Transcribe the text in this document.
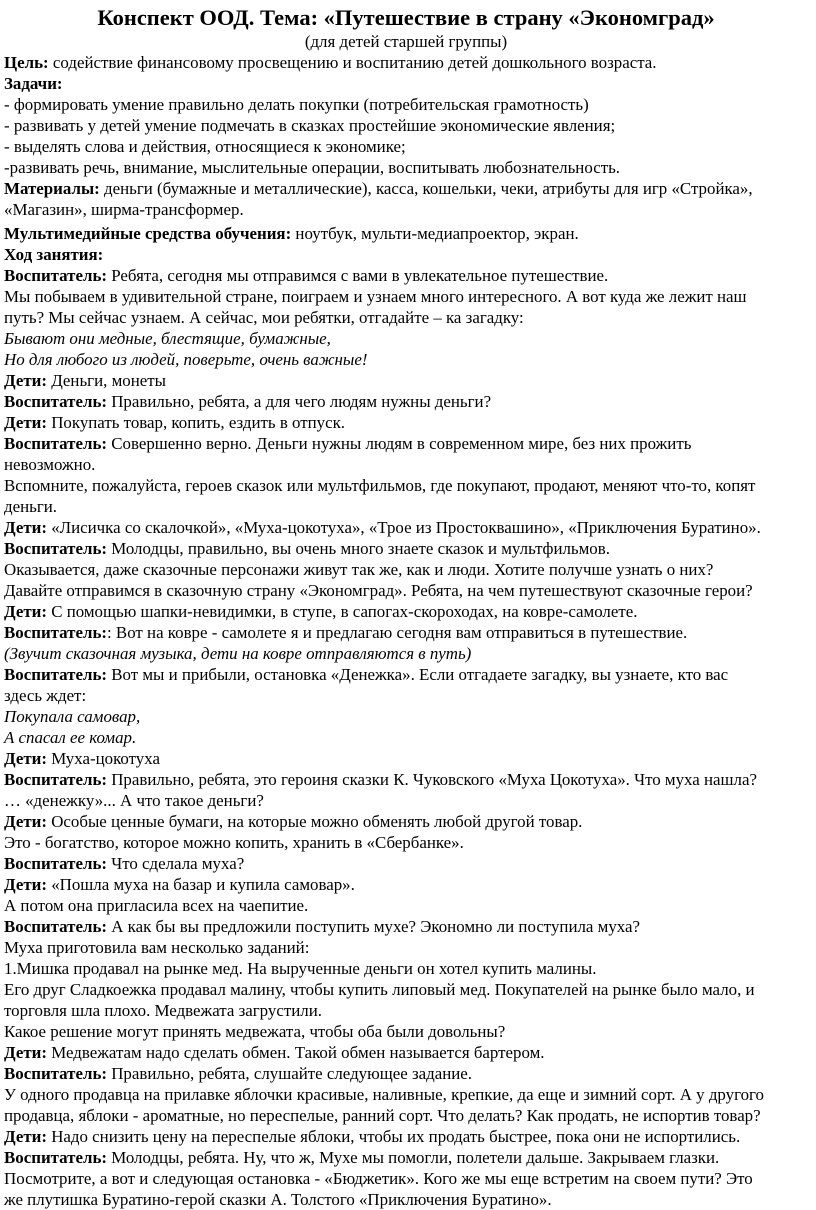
Конспект ООД. Тема: «Путешествие в страну «Экономград»

(для детей старшей группы)

Цель: содействие финансовому просвещению и воспитанию детей дошкольного возраста.

Задачи:

- формировать умение правильно делать покупки (потребительская грамотность)

- развивать у детей умение подмечать в сказках простейшие экономические явления;

- выделять слова и действия, относящиеся к экономике;

-развивать речь, внимание, мыслительные операции, воспитывать любознательность.

Материалы: деньги (бумажные и металлические), касса, кошельки, чеки, атрибуты для игр «Стройка»,

«Магазин», ширма-трансформер.

Мультимедийные средства обучения: ноутбук, мульти-медиапроектор, экран.

Ход занятия:

Воспитатель: Ребята, сегодня мы отправимся с вами в увлекательное путешествие.

Мы побываем в удивительной стране, поиграем и узнаем много интересного. А вот куда же лежит наш

путь? Мы сейчас узнаем. А сейчас, мои ребятки, отгадайте – ка загадку:

Бывают они медные, блестящие, бумажные,

Но для любого из людей, поверьте, очень важные!

Дети: Деньги, монеты

Воспитатель: Правильно, ребята, а для чего людям нужны деньги?

Дети: Покупать товар, копить, ездить в отпуск.

Воспитатель: Совершенно верно. Деньги нужны людям в современном мире, без них прожить

невозможно.

Вспомните, пожалуйста, героев сказок или мультфильмов, где покупают, продают, меняют что-то, копят

деньги.

Дети: «Лисичка со скалочкой», «Муха-цокотуха», «Трое из Простоквашино», «Приключения Буратино».

Воспитатель: Молодцы, правильно, вы очень много знаете сказок и мультфильмов.

Оказывается, даже сказочные персонажи живут так же, как и люди. Хотите получше узнать о них?

Давайте отправимся в сказочную страну «Экономград». Ребята, на чем путешествуют сказочные герои?

Дети: С помощью шапки-невидимки, в ступе, в сапогах-скороходах, на ковре-самолете.

Воспитатель:: Вот на ковре - самолете я и предлагаю сегодня вам отправиться в путешествие.

(Звучит сказочная музыка, дети на ковре отправляются в путь)

Воспитатель: Вот мы и прибыли, остановка «Денежка». Если отгадаете загадку, вы узнаете, кто вас

здесь ждет:

Покупала самовар,

А спасал ее комар.

Дети: Муха-цокотуха

Воспитатель: Правильно, ребята, это героиня сказки К. Чуковского «Муха Цокотуха». Что муха нашла?

… «денежку»... А что такое деньги?

Дети: Особые ценные бумаги, на которые можно обменять любой другой товар.

Это - богатство, которое можно копить, хранить в «Сбербанке».

Воспитатель: Что сделала муха?

Дети: «Пошла муха на базар и купила самовар».

А потом она пригласила всех на чаепитие.

Воспитатель: А как бы вы предложили поступить мухе? Экономно ли поступила муха?

Муха приготовила вам несколько заданий:

1.Мишка продавал на рынке мед. На вырученные деньги он хотел купить малины.

Его друг Сладкоежка продавал малину, чтобы купить липовый мед. Покупателей на рынке было мало, и

торговля шла плохо. Медвежата загрустили.

Какое решение могут принять медвежата, чтобы оба были довольны?

Дети: Медвежатам надо сделать обмен. Такой обмен называется бартером.

Воспитатель: Правильно, ребята, слушайте следующее задание.

У одного продавца на прилавке яблочки красивые, наливные, крепкие, да еще и зимний сорт. А у другого

продавца, яблоки - ароматные, но переспелые, ранний сорт. Что делать? Как продать, не испортив товар?

Дети: Надо снизить цену на переспелые яблоки, чтобы их продать быстрее, пока они не испортились.

Воспитатель: Молодцы, ребята. Ну, что ж, Мухе мы помогли, полетели дальше. Закрываем глазки.

Посмотрите, а вот и следующая остановка - «Бюджетик». Кого же мы еще встретим на своем пути? Это

же плутишка Буратино-герой сказки А. Толстого «Приключения Буратино».
